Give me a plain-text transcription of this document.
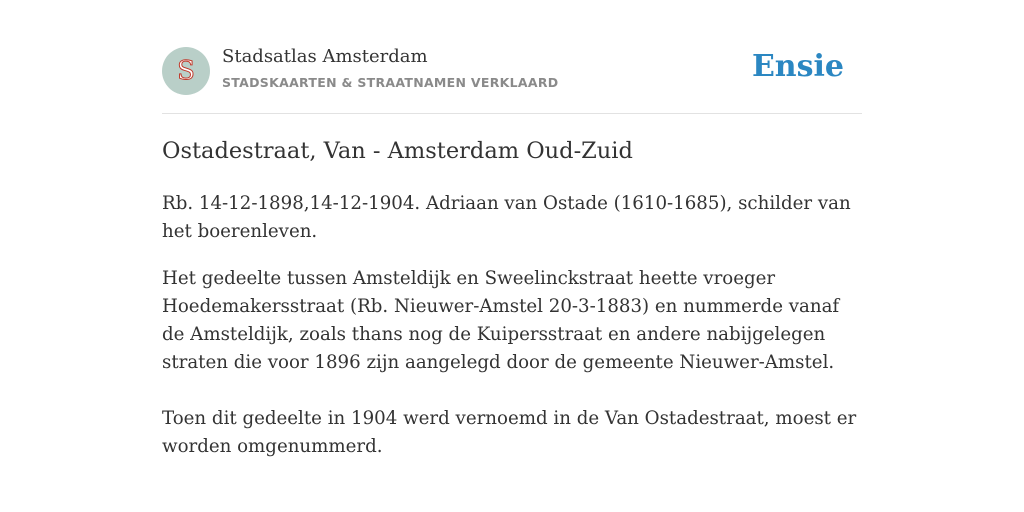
S Stadsatlas Amsterdam
STADSKAARTEN & STRAATNAMEN VERKLAARD	Ensie
Ostadestraat, Van - Amsterdam Oud-Zuid

Rb. 14-12-1898,14-12-1904. Adriaan van Ostade (1610-1685), schilder van het boerenleven.

Het gedeelte tussen Amsteldijk en Sweelinckstraat heette vroeger Hoedemakersstraat (Rb. Nieuwer-Amstel 20-3-1883) en nummerde vanaf de Amsteldijk, zoals thans nog de Kuipersstraat en andere nabijgelegen straten die voor 1896 zijn aangelegd door de gemeente Nieuwer-Amstel.

Toen dit gedeelte in 1904 werd vernoemd in de Van Ostadestraat, moest er worden omgenummerd.
